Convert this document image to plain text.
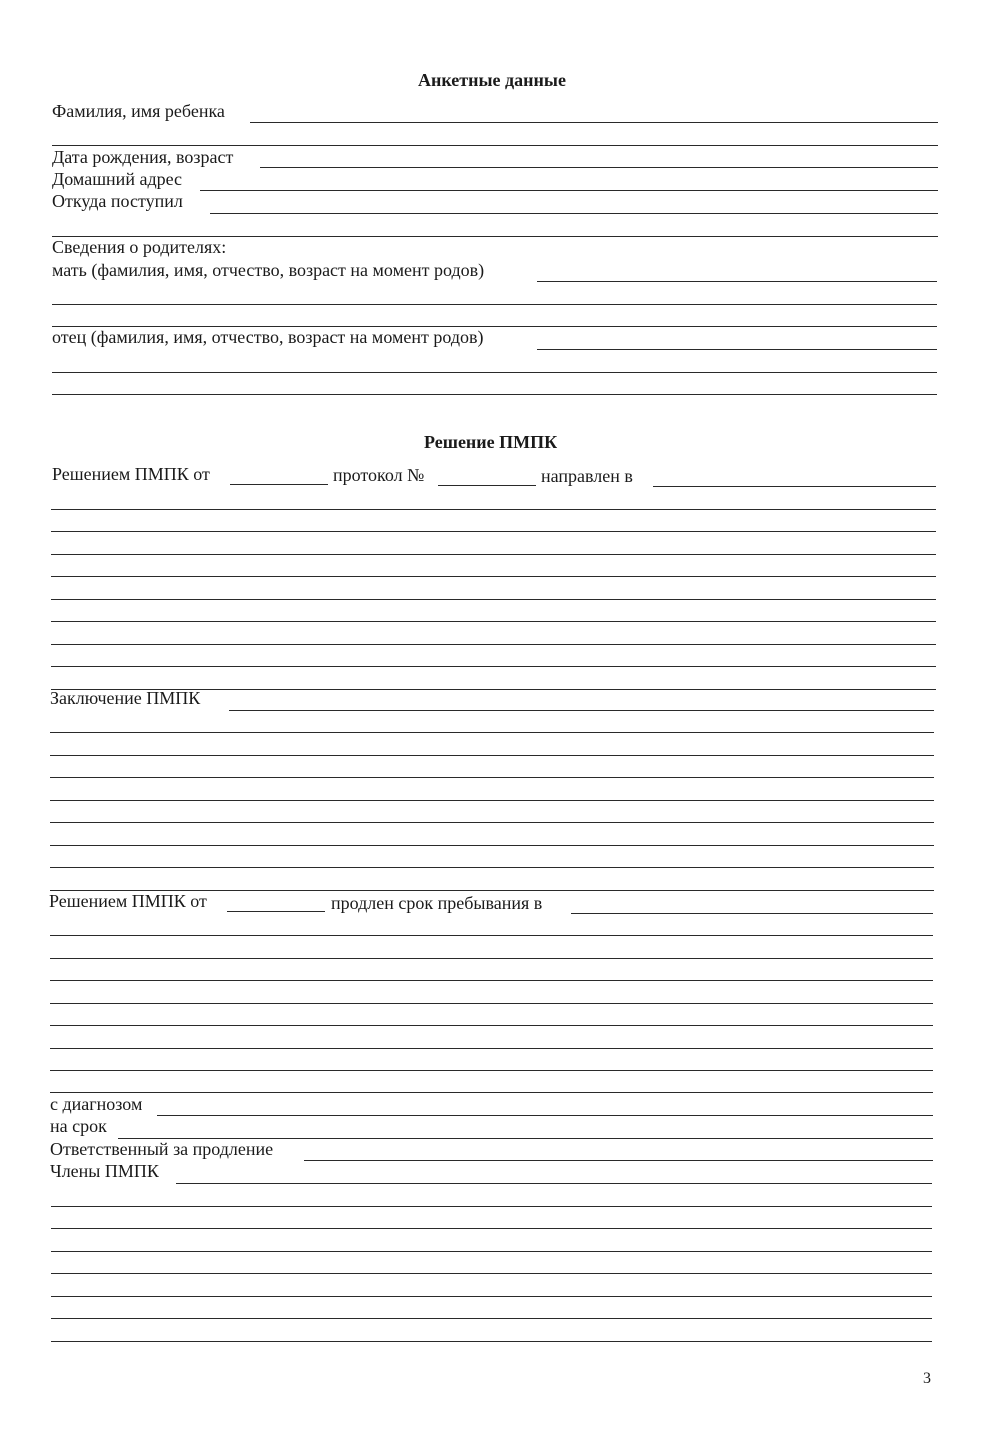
Анкетные данные
Фамилия, имя ребенка
Дата рождения, возраст
Домашний адрес
Откуда поступил
Сведения о родителях:
мать (фамилия, имя, отчество, возраст на момент родов)
отец (фамилия, имя, отчество, возраст на момент родов)
Решение ПМПК
Решением ПМПК от	протокол №	направлен в
Заключение ПМПК
Решением ПМПК от	продлен срок пребывания в
с диагнозом
на срок
Ответственный за продление
Члены ПМПК
3
